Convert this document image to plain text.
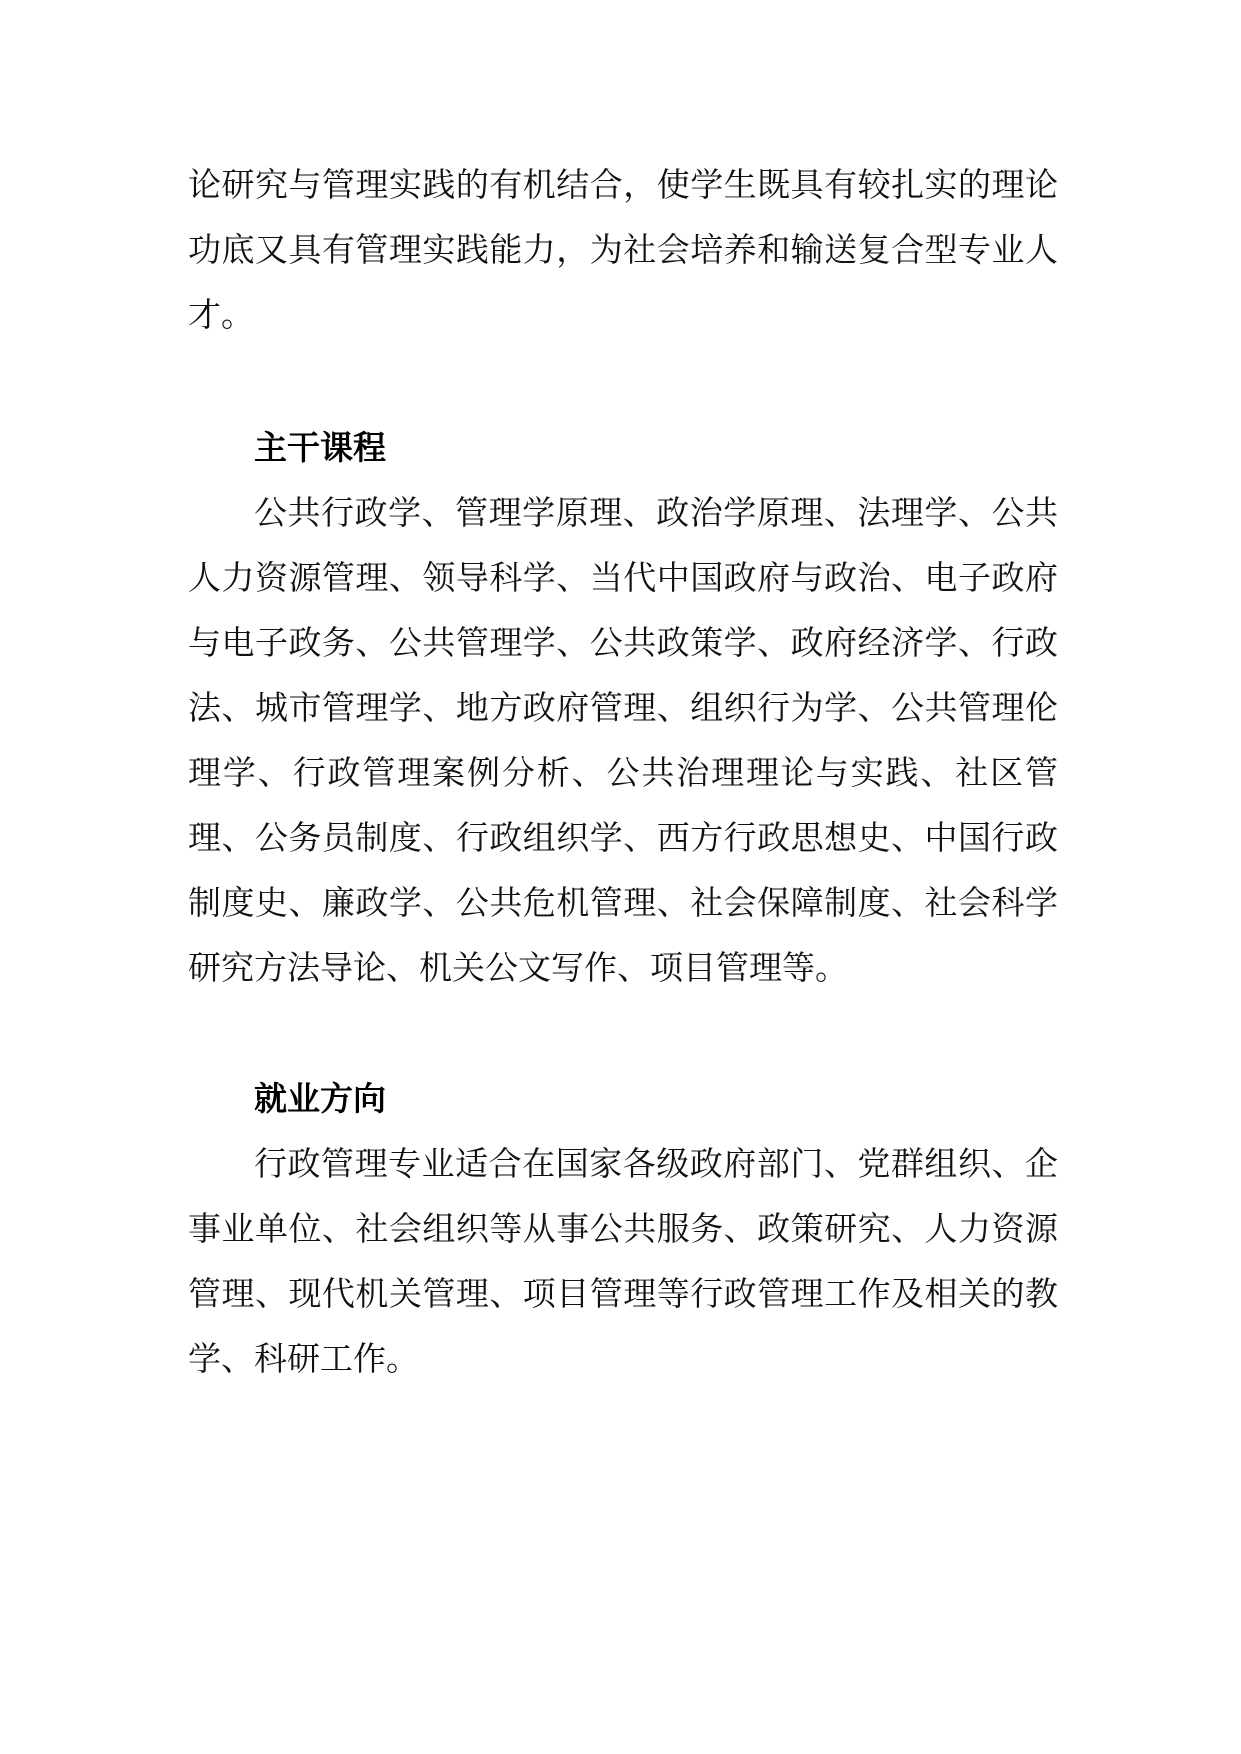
论研究与管理实践的有机结合，使学生既具有较扎实的理论功底又具有管理实践能力，为社会培养和输送复合型专业人才。

主干课程

公共行政学、管理学原理、政治学原理、法理学、公共人力资源管理、领导科学、当代中国政府与政治、电子政府与电子政务、公共管理学、公共政策学、政府经济学、行政法、城市管理学、地方政府管理、组织行为学、公共管理伦理学、行政管理案例分析、公共治理理论与实践、社区管理、公务员制度、行政组织学、西方行政思想史、中国行政制度史、廉政学、公共危机管理、社会保障制度、社会科学研究方法导论、机关公文写作、项目管理等。

就业方向

行政管理专业适合在国家各级政府部门、党群组织、企事业单位、社会组织等从事公共服务、政策研究、人力资源管理、现代机关管理、项目管理等行政管理工作及相关的教学、科研工作。
